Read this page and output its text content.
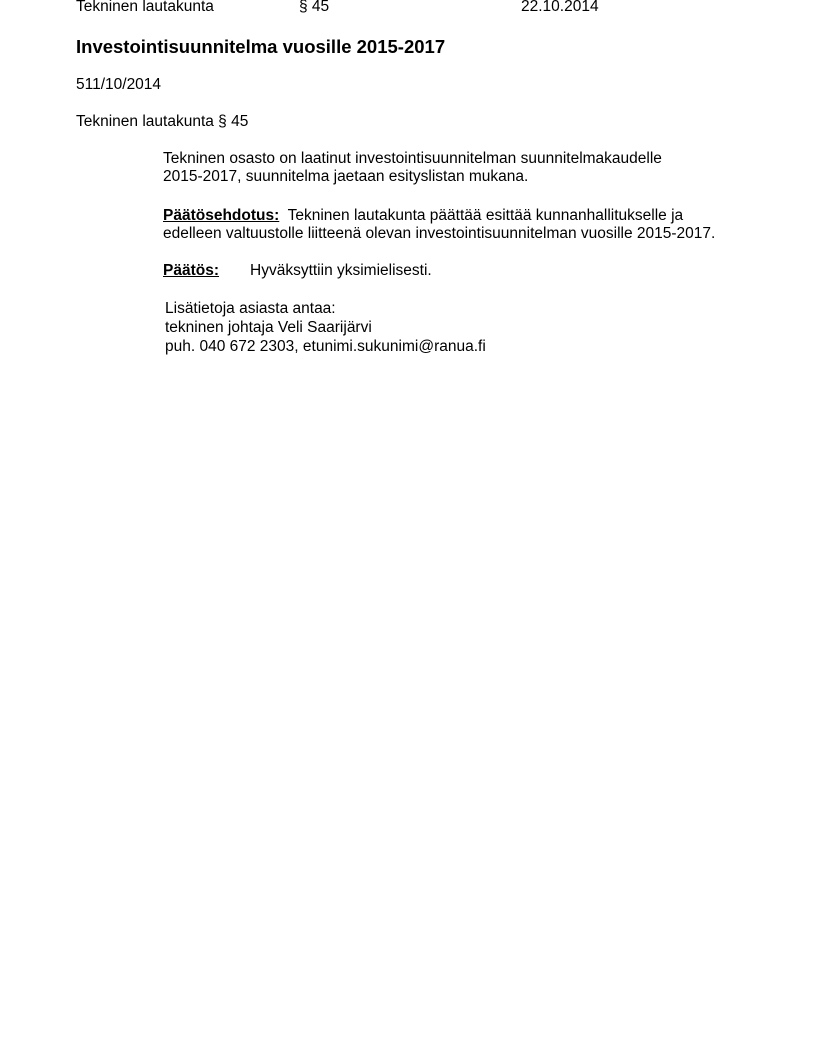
Tekninen lautakunta	§ 45	22.10.2014
Investointisuunnitelma vuosille 2015-2017
511/10/2014
Tekninen lautakunta § 45
Tekninen osasto on laatinut investointisuunnitelman suunnitelmakaudelle
2015-2017, suunnitelma jaetaan esityslistan mukana.
Päätösehdotus: Tekninen lautakunta päättää esittää kunnanhallitukselle ja
edelleen valtuustolle liitteenä olevan investointisuunnitelman vuosille 2015-2017.
Päätös: Hyväksyttiin yksimielisesti.
Lisätietoja asiasta antaa:
tekninen johtaja Veli Saarijärvi
puh. 040 672 2303, etunimi.sukunimi@ranua.fi
